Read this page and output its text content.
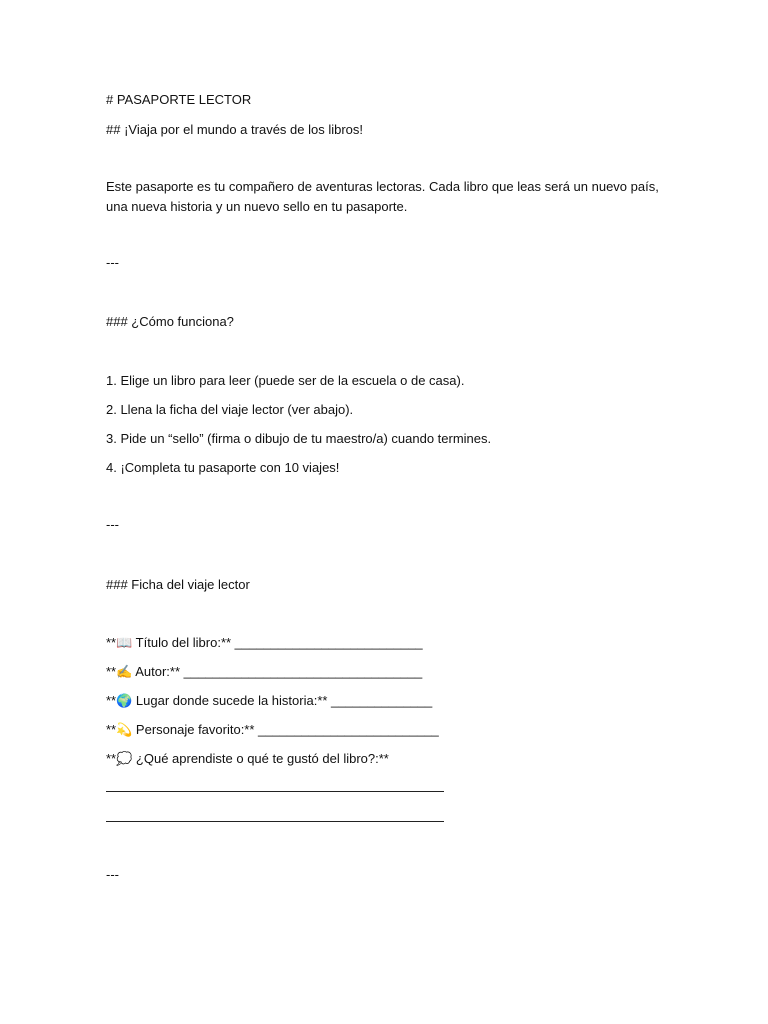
# PASAPORTE LECTOR
## ¡Viaja por el mundo a través de los libros!

Este pasaporte es tu compañero de aventuras lectoras. Cada libro que leas será un nuevo país, una nueva historia y un nuevo sello en tu pasaporte.

---
### ¿Cómo funciona?
1. Elige un libro para leer (puede ser de la escuela o de casa).
2. Llena la ficha del viaje lector (ver abajo).
3. Pide un “sello” (firma o dibujo de tu maestro/a) cuando termines.
4. ¡Completa tu pasaporte con 10 viajes!
---
### Ficha del viaje lector
**📖 Título del libro:** __________________________
**✍️ Autor:** _________________________________
**🌍 Lugar donde sucede la historia:** ______________
**💫 Personaje favorito:** _________________________
**💭 ¿Qué aprendiste o qué te gustó del libro?:**
---
